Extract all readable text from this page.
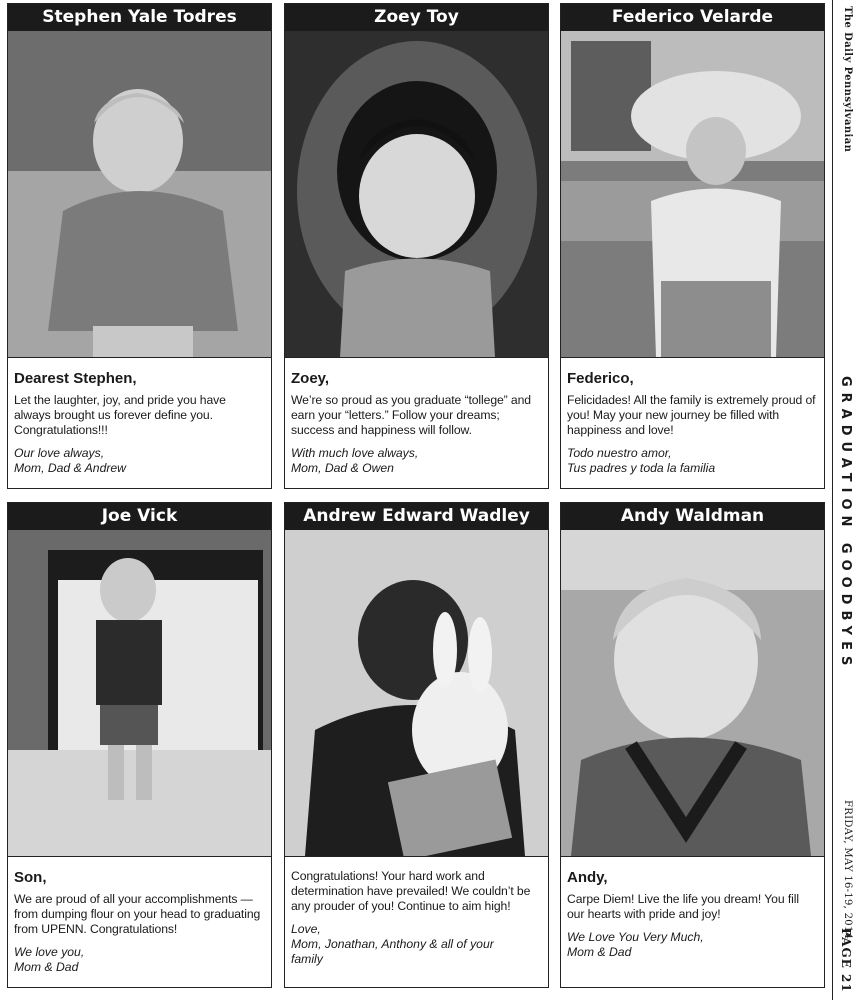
Stephen Yale Todres
Dearest Stephen,
Let the laughter, joy, and pride you have always brought us forever define you. Congratulations!!!
Our love always,
Mom, Dad & Andrew
Zoey Toy
Zoey,
We’re so proud as you graduate “tollege” and earn your “letters.” Follow your dreams; success and happiness will follow.
With much love always,
Mom, Dad & Owen
Federico Velarde
Federico,
Felicidades! All the family is extremely proud of you! May your new journey be filled with happiness and love!
Todo nuestro amor,
Tus padres y toda la familia
Joe Vick
Son,
We are proud of all your accomplishments — from dumping flour on your head to graduating from UPENN. Congratulations!
We love you,
Mom & Dad
Andrew Edward Wadley
Congratulations! Your hard work and determination have prevailed! We couldn’t be any prouder of you! Continue to aim high!
Love,
Mom, Jonathan, Anthony & all of your
family
Andy Waldman
Andy,
Carpe Diem! Live the life you dream! You fill our hearts with pride and joy!
We Love You Very Much,
Mom & Dad
The Daily Pennsylvanian
GRADUATION GOODBYES
FRIDAY, MAY 16-19, 2014
PAGE 21
